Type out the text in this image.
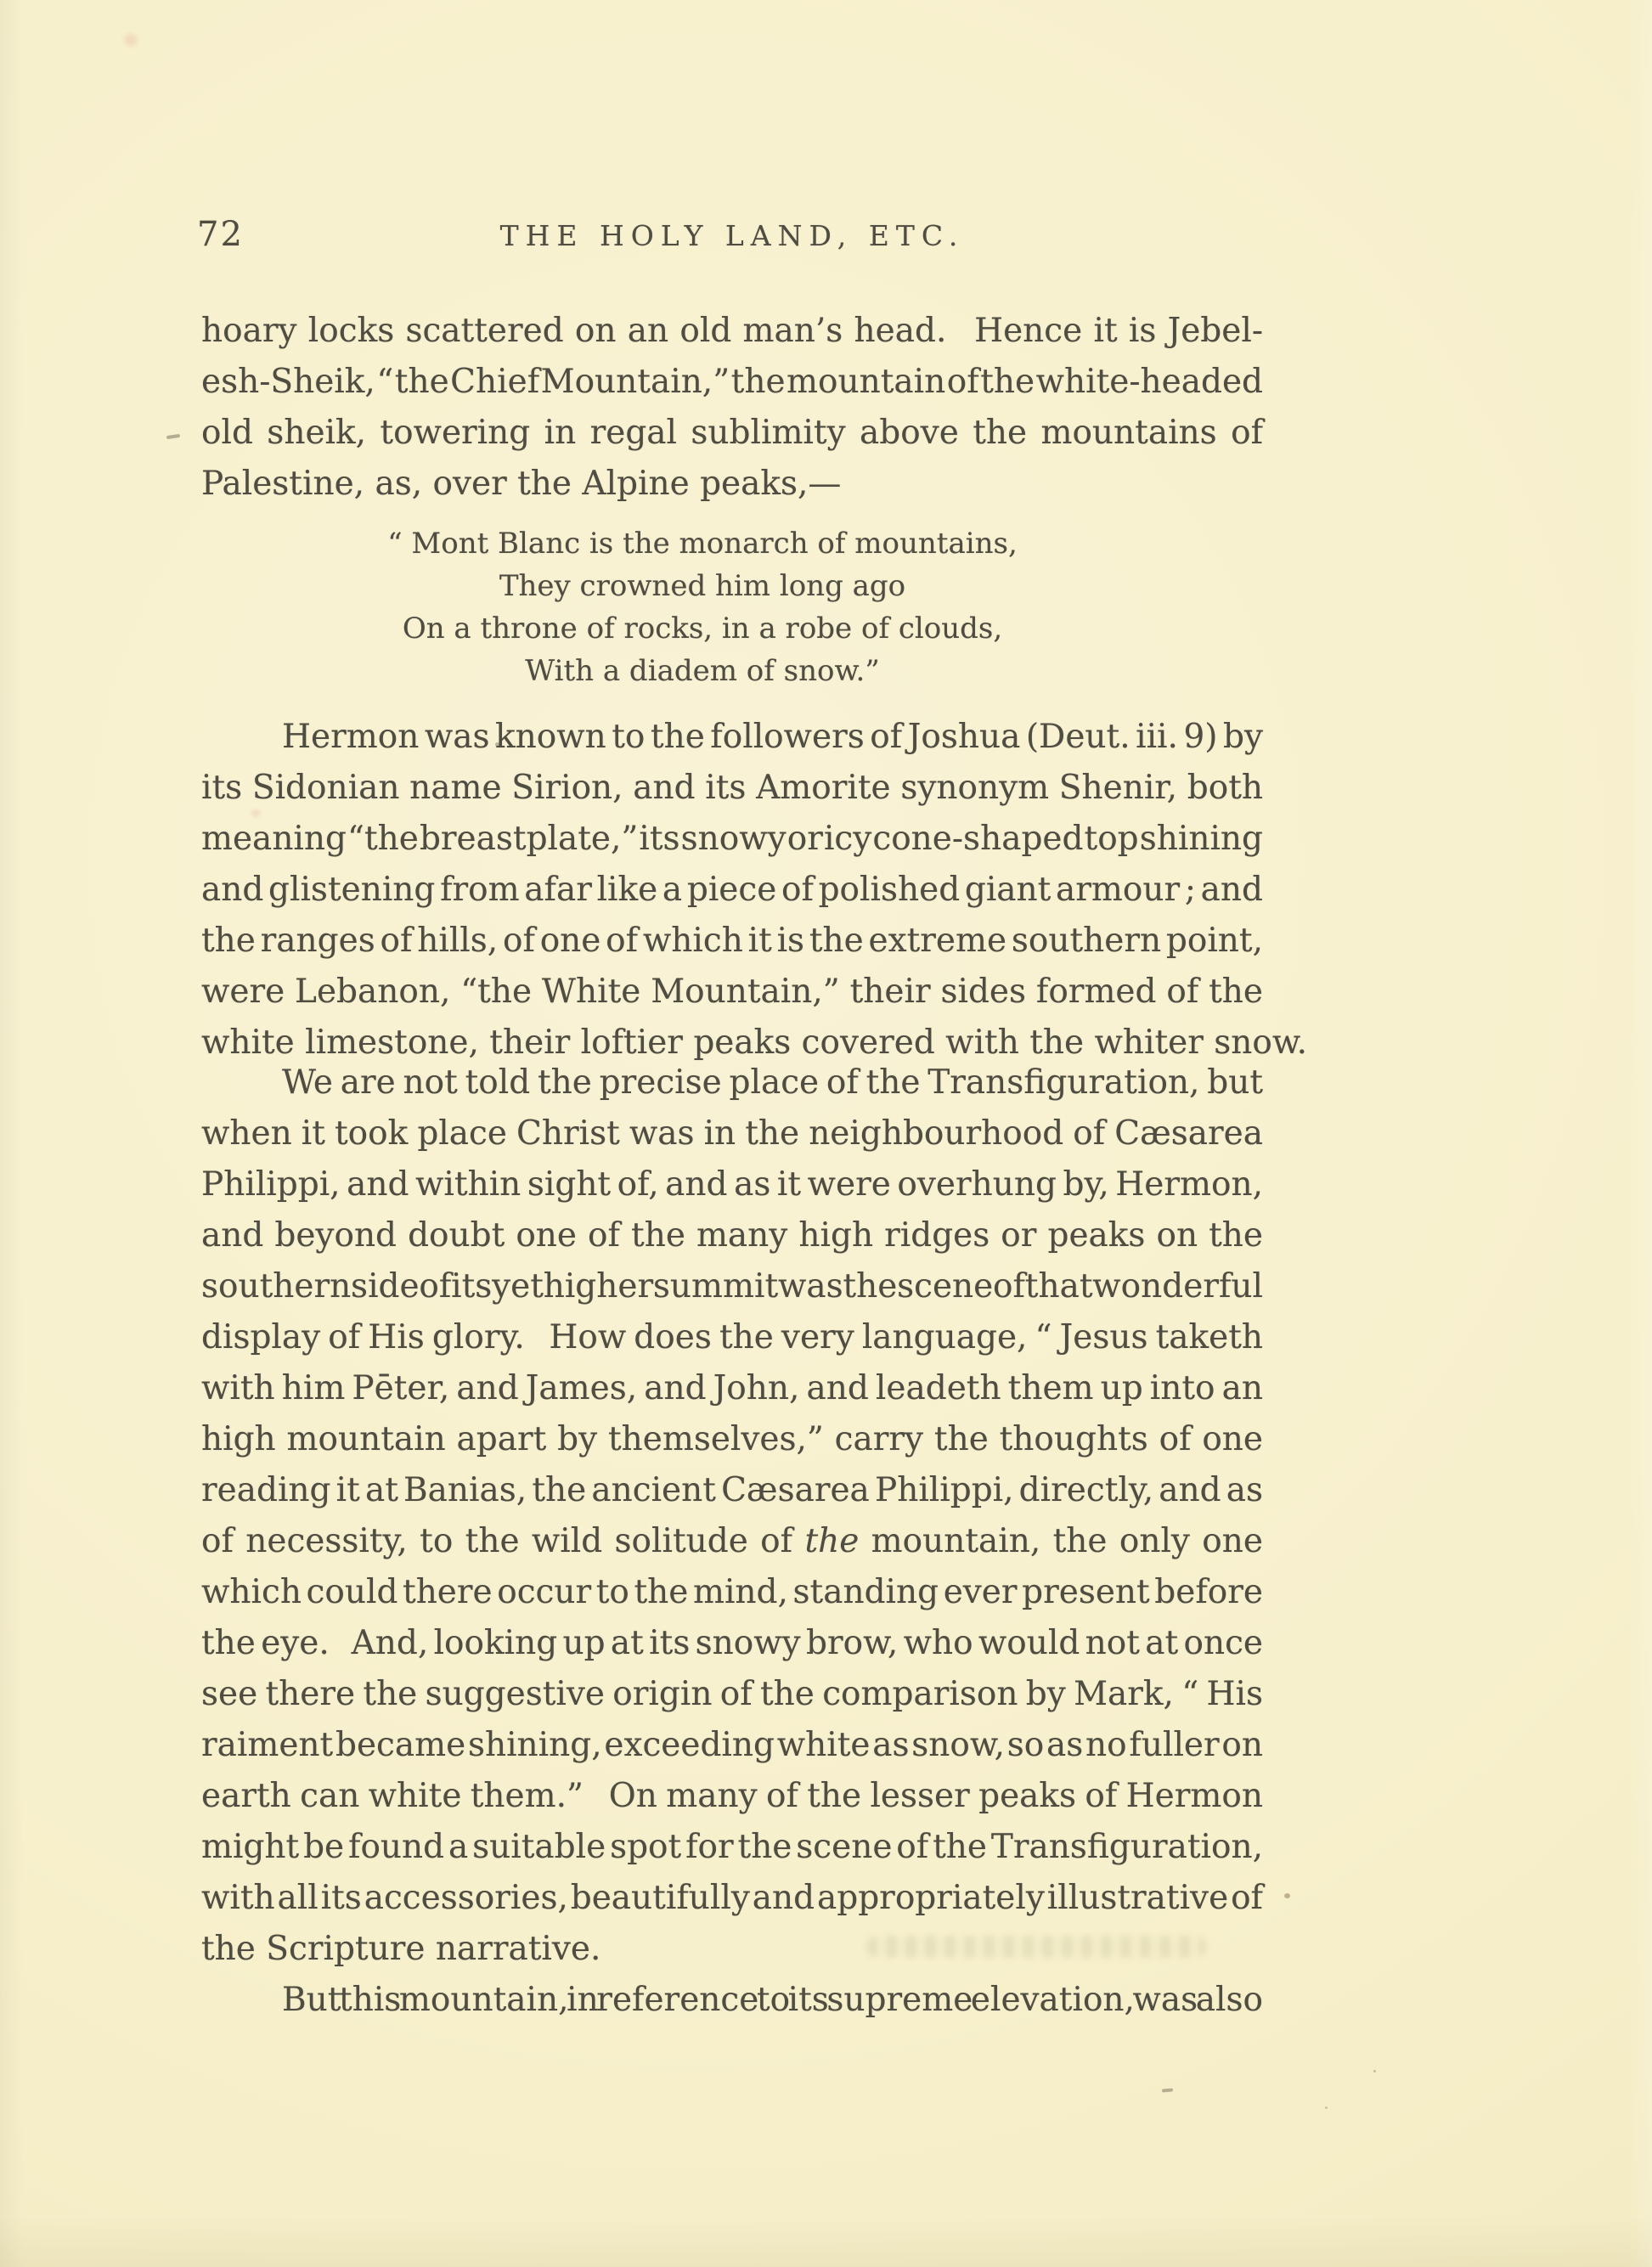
72	THE HOLY LAND, ETC.
hoary locks scattered on an old man’s head.  Hence it is Jebel-
esh-Sheik, “ the Chief Mountain,” the mountain of the white-headed
old sheik, towering in regal sublimity above the mountains of
Palestine, as, over the Alpine peaks,—
“ Mont Blanc is the monarch of mountains,
They crowned him long ago
On a throne of rocks, in a robe of clouds,
With a diadem of snow.”
Hermon was known to the followers of Joshua (Deut. iii. 9) by
its Sidonian name Sirion, and its Amorite synonym Shenir, both
meaning “the breastplate,” its snowy or icy cone-shaped top shining
and glistening from afar like a piece of polished giant armour ; and
the ranges of hills, of one of which it is the extreme southern point,
were Lebanon, “the White Mountain,” their sides formed of the
white limestone, their loftier peaks covered with the whiter snow.
We are not told the precise place of the Transfiguration, but
when it took place Christ was in the neighbourhood of Cæsarea
Philippi, and within sight of, and as it were overhung by, Hermon,
and beyond doubt one of the many high ridges or peaks on the
southern side of its yet higher summit was the scene of that wonderful
display of His glory.  How does the very language, “ Jesus taketh
with him Pēter, and James, and John, and leadeth them up into an
high mountain apart by themselves,” carry the thoughts of one
reading it at Banias, the ancient Cæsarea Philippi, directly, and as
of necessity, to the wild solitude of the mountain, the only one
which could there occur to the mind, standing ever present before
the eye.  And, looking up at its snowy brow, who would not at once
see there the suggestive origin of the comparison by Mark, “ His
raiment became shining, exceeding white as snow, so as no fuller on
earth can white them.”  On many of the lesser peaks of Hermon
might be found a suitable spot for the scene of the Transfiguration,
with all its accessories, beautifully and appropriately illustrative of
the Scripture narrative.
But this mountain, in reference to its supreme elevation, was also
